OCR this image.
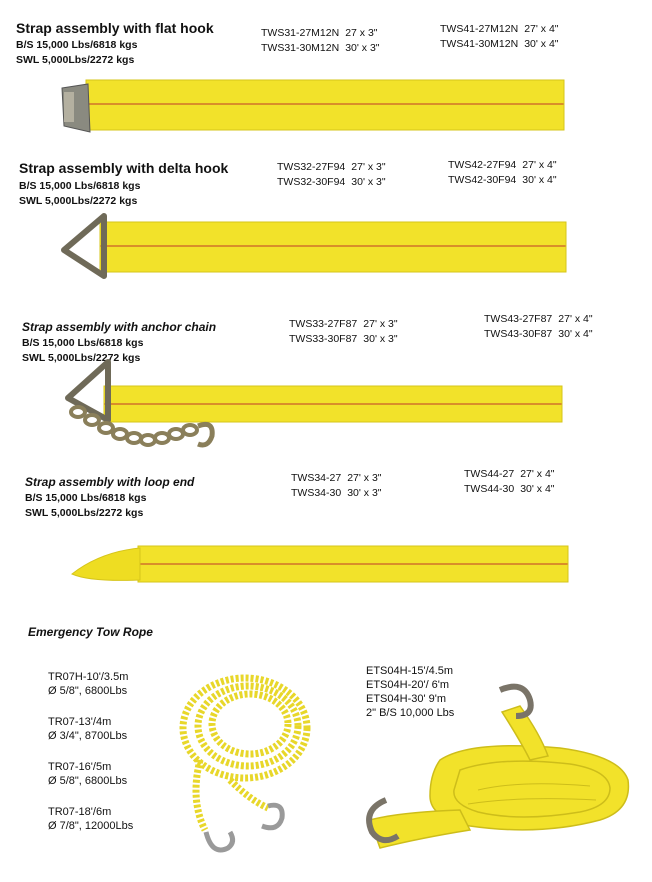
Strap assembly with flat hook
B/S 15,000 Lbs/6818 kgs
SWL 5,000Lbs/2272 kgs
TWS31-27M12N 27 x 3"
TWS31-30M12N 30' x 3"
TWS41-27M12N 27' x 4"
TWS41-30M12N 30' x 4"
Strap assembly with delta hook
B/S 15,000 Lbs/6818 kgs
SWL 5,000Lbs/2272 kgs
TWS32-27F94 27' x 3"
TWS32-30F94 30' x 3"
TWS42-27F94 27' x 4"
TWS42-30F94 30' x 4"
Strap assembly with anchor chain
B/S 15,000 Lbs/6818 kgs
SWL 5,000Lbs/2272 kgs
TWS33-27F87 27' x 3"
TWS33-30F87 30' x 3"
TWS43-27F87 27' x 4"
TWS43-30F87 30' x 4"
Strap assembly with loop end
B/S 15,000 Lbs/6818 kgs
SWL 5,000Lbs/2272 kgs
TWS34-27 27' x 3"
TWS34-30 30' x 3"
TWS44-27 27' x 4"
TWS44-30 30' x 4"
Emergency Tow Rope
TR07H-10'/3.5m
Ø 5/8", 6800Lbs
TR07-13'/4m
Ø 3/4", 8700Lbs
TR07-16'/5m
Ø 5/8", 6800Lbs
TR07-18'/6m
Ø 7/8", 12000Lbs
ETS04H-15'/4.5m
ETS04H-20'/ 6'm
ETS04H-30' 9'm
2" B/S 10,000 Lbs
